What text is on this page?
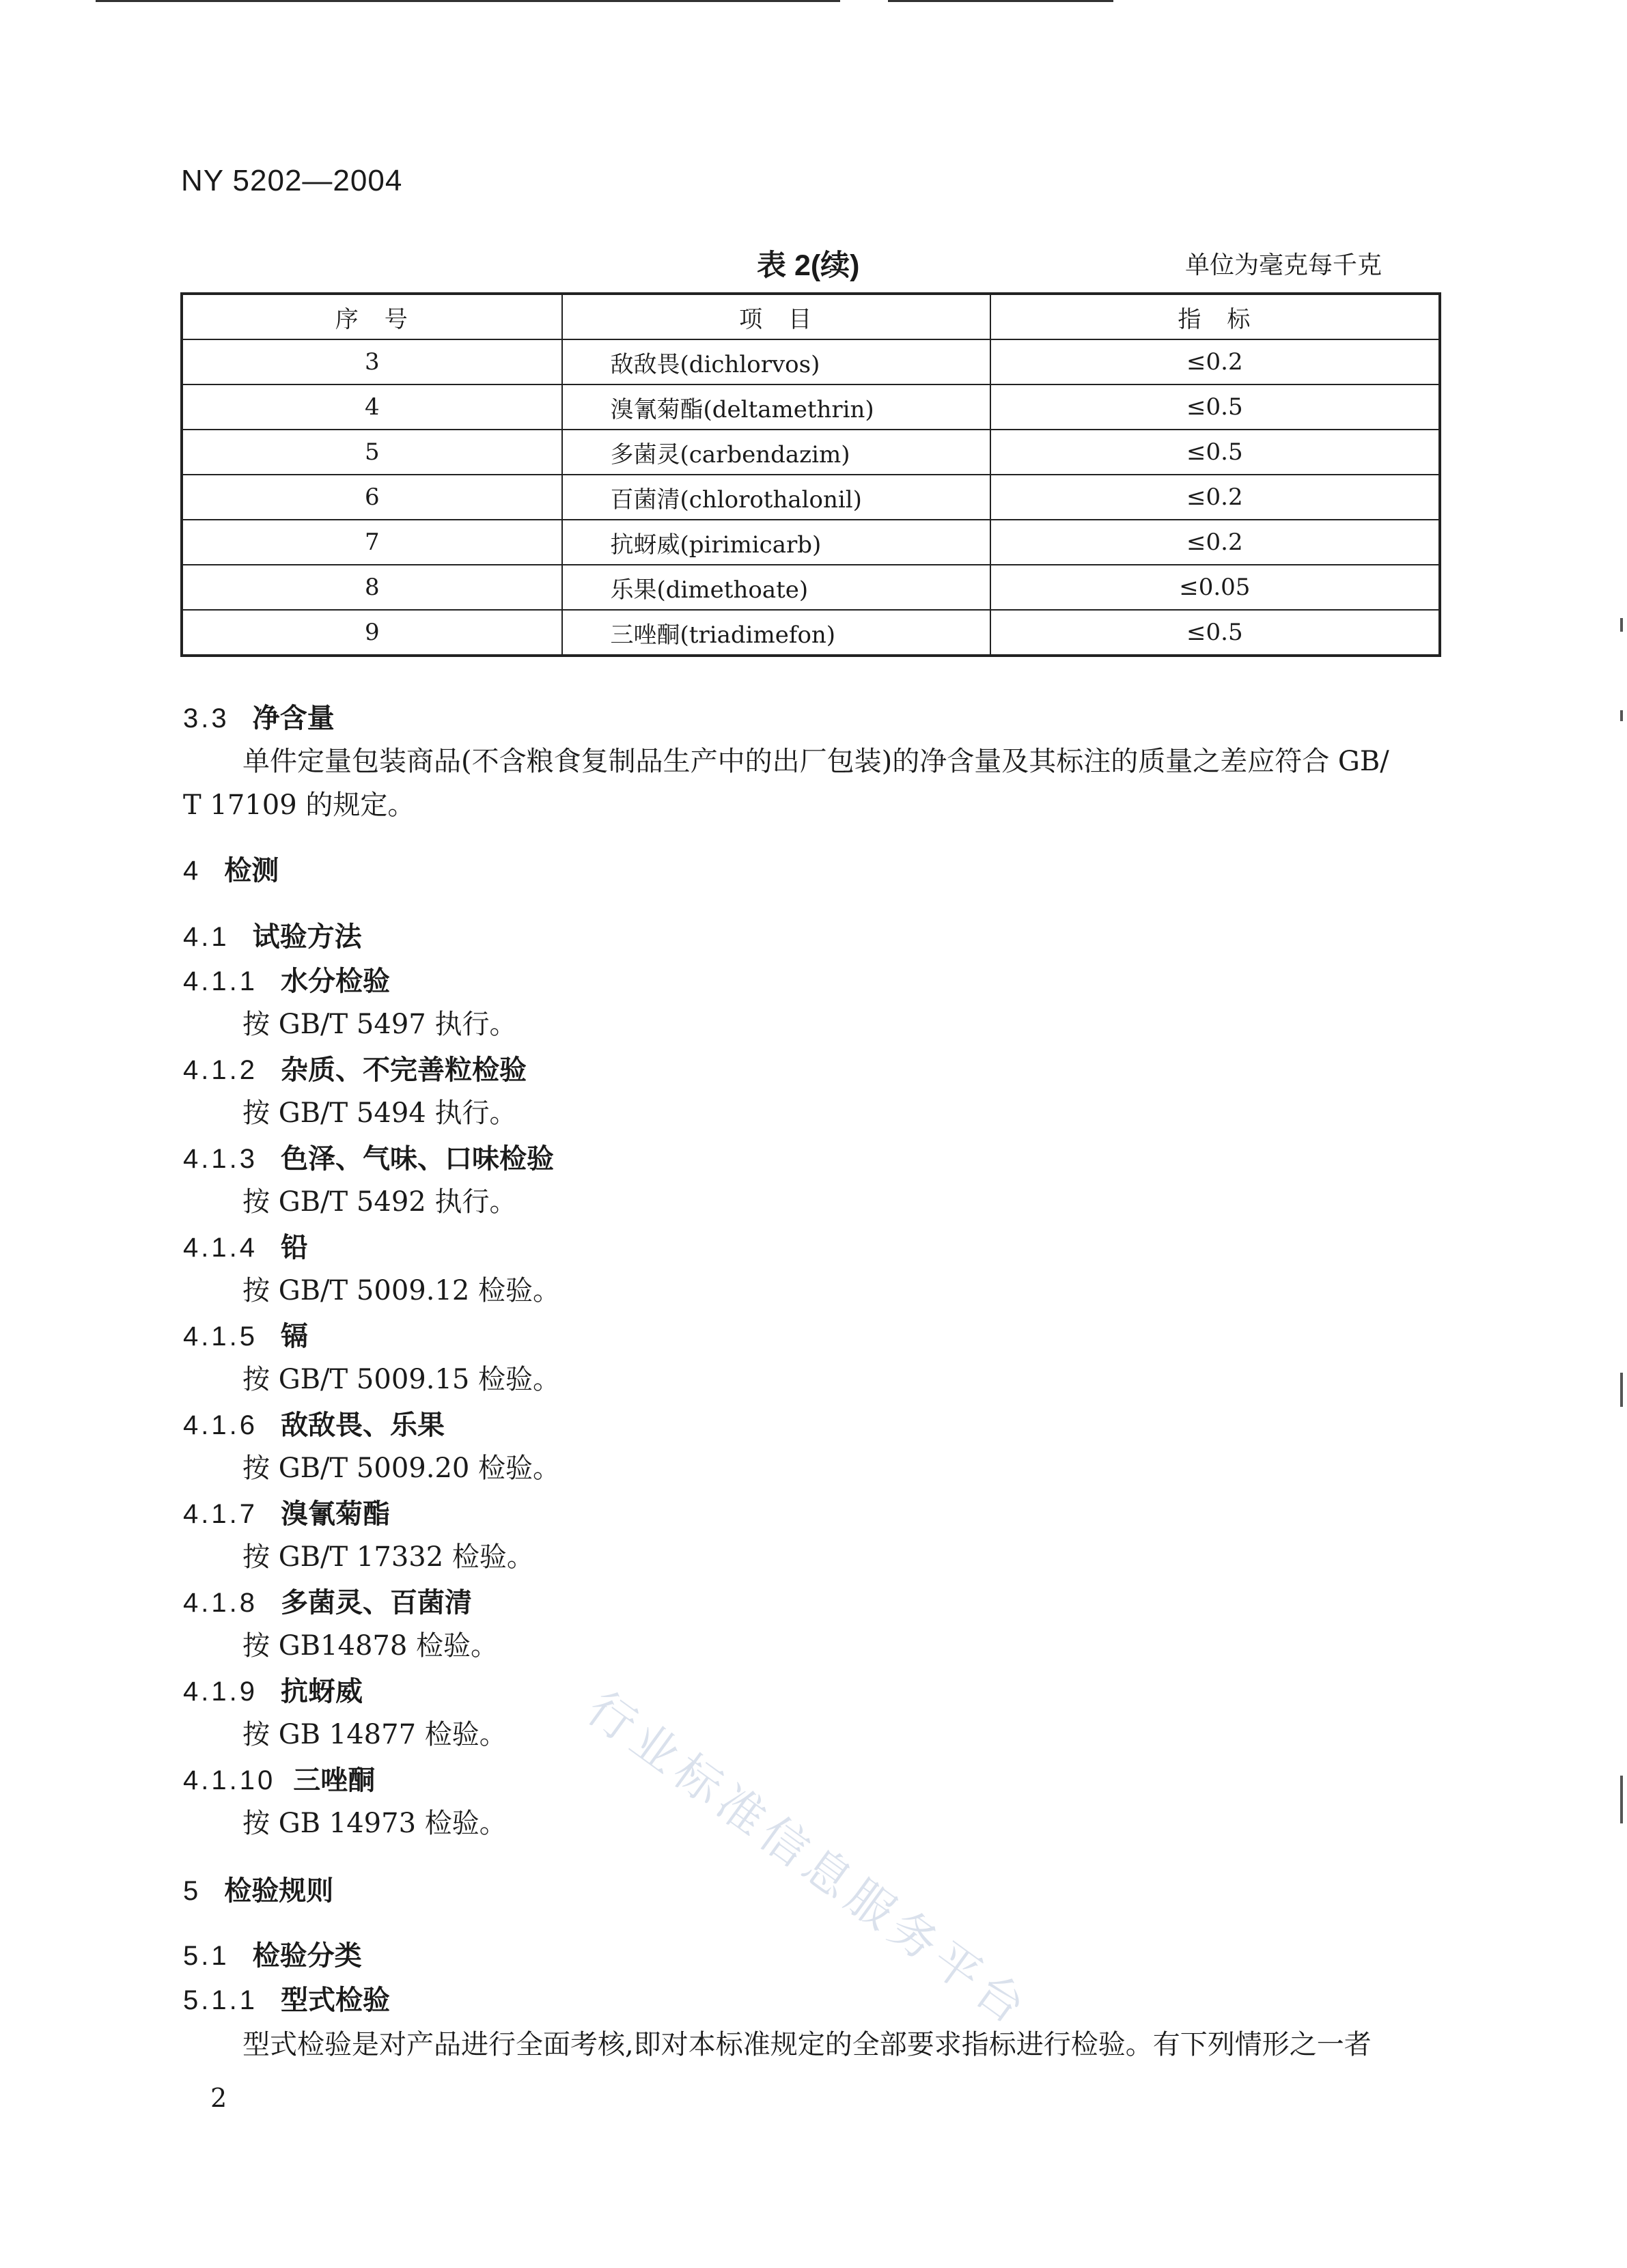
NY 5202—2004
表 2(续)	单位为毫克每千克
序　号	项　目	指　标
3	敌敌畏(dichlorvos)	≤0.2
4	溴氰菊酯(deltamethrin)	≤0.5
5	多菌灵(carbendazim)	≤0.5
6	百菌清(chlorothalonil)	≤0.2
7	抗蚜威(pirimicarb)	≤0.2
8	乐果(dimethoate)	≤0.05
9	三唑酮(triadimefon)	≤0.5
3.3 净含量
单件定量包装商品(不含粮食复制品生产中的出厂包装)的净含量及其标注的质量之差应符合 GB/
T 17109 的规定。
4 检测
4.1 试验方法
4.1.1 水分检验
按 GB/T 5497 执行。
4.1.2 杂质、不完善粒检验
按 GB/T 5494 执行。
4.1.3 色泽、气味、口味检验
按 GB/T 5492 执行。
4.1.4 铅
按 GB/T 5009.12 检验。
4.1.5 镉
按 GB/T 5009.15 检验。
4.1.6 敌敌畏、乐果
按 GB/T 5009.20 检验。
4.1.7 溴氰菊酯
按 GB/T 17332 检验。
4.1.8 多菌灵、百菌清
按 GB14878 检验。
4.1.9 抗蚜威
按 GB 14877 检验。
4.1.10 三唑酮
按 GB 14973 检验。
5 检验规则
5.1 检验分类
5.1.1 型式检验
型式检验是对产品进行全面考核,即对本标准规定的全部要求指标进行检验。有下列情形之一者
2
行业标准信息服务平台
